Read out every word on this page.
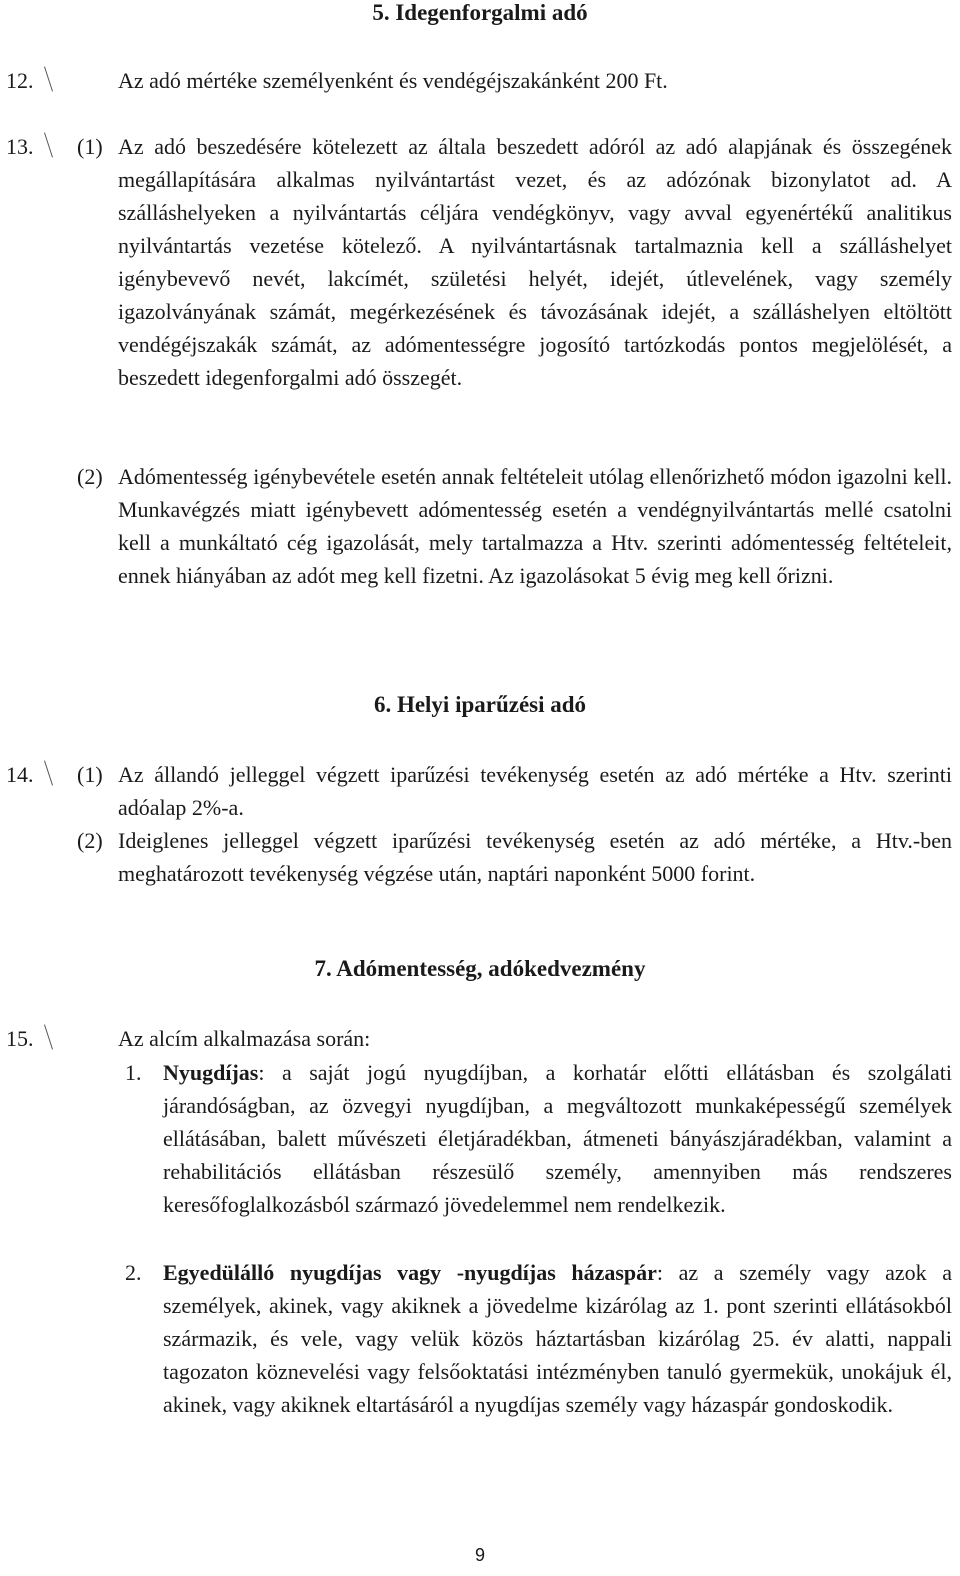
5. Idegenforgalmi adó
12.	Az adó mértéke személyenként és vendégéjszakánként 200 Ft.
13. (1) Az adó beszedésére kötelezett az általa beszedett adóról az adó alapjának és összegének megállapítására alkalmas nyilvántartást vezet, és az adózónak bizonylatot ad. A szálláshelyeken a nyilvántartás céljára vendégkönyv, vagy avval egyenértékű analitikus nyilvántartás vezetése kötelező. A nyilvántartásnak tartalmaznia kell a szálláshelyet igénybevevő nevét, lakcímét, születési helyét, idejét, útlevelének, vagy személy igazolványának számát, megérkezésének és távozásának idejét, a szálláshelyen eltöltött vendégéjszakák számát, az adómentességre jogosító tartózkodás pontos megjelölését, a beszedett idegenforgalmi adó összegét.
(2) Adómentesség igénybevétele esetén annak feltételeit utólag ellenőrizhető módon igazolni kell. Munkavégzés miatt igénybevett adómentesség esetén a vendégnyilvántartás mellé csatolni kell a munkáltató cég igazolását, mely tartalmazza a Htv. szerinti adómentesség feltételeit, ennek hiányában az adót meg kell fizetni. Az igazolásokat 5 évig meg kell őrizni.
6. Helyi iparűzési adó
14. (1) Az állandó jelleggel végzett iparűzési tevékenység esetén az adó mértéke a Htv. szerinti adóalap 2%-a.
(2) Ideiglenes jelleggel végzett iparűzési tevékenység esetén az adó mértéke, a Htv.-ben meghatározott tevékenység végzése után, naptári naponként 5000 forint.
7. Adómentesség, adókedvezmény
15.	Az alcím alkalmazása során:
1. Nyugdíjas: a saját jogú nyugdíjban, a korhatár előtti ellátásban és szolgálati járandóságban, az özvegyi nyugdíjban, a megváltozott munkaképességű személyek ellátásában, balett művészeti életjáradékban, átmeneti bányászjáradékban, valamint a rehabilitációs ellátásban részesülő személy, amennyiben más rendszeres keresőfoglalkozásból származó jövedelemmel nem rendelkezik.
2. Egyedülálló nyugdíjas vagy -nyugdíjas házaspár: az a személy vagy azok a személyek, akinek, vagy akiknek a jövedelme kizárólag az 1. pont szerinti ellátásokból származik, és vele, vagy velük közös háztartásban kizárólag 25. év alatti, nappali tagozaton köznevelési vagy felsőoktatási intézményben tanuló gyermekük, unokájuk él, akinek, vagy akiknek eltartásáról a nyugdíjas személy vagy házaspár gondoskodik.
9
